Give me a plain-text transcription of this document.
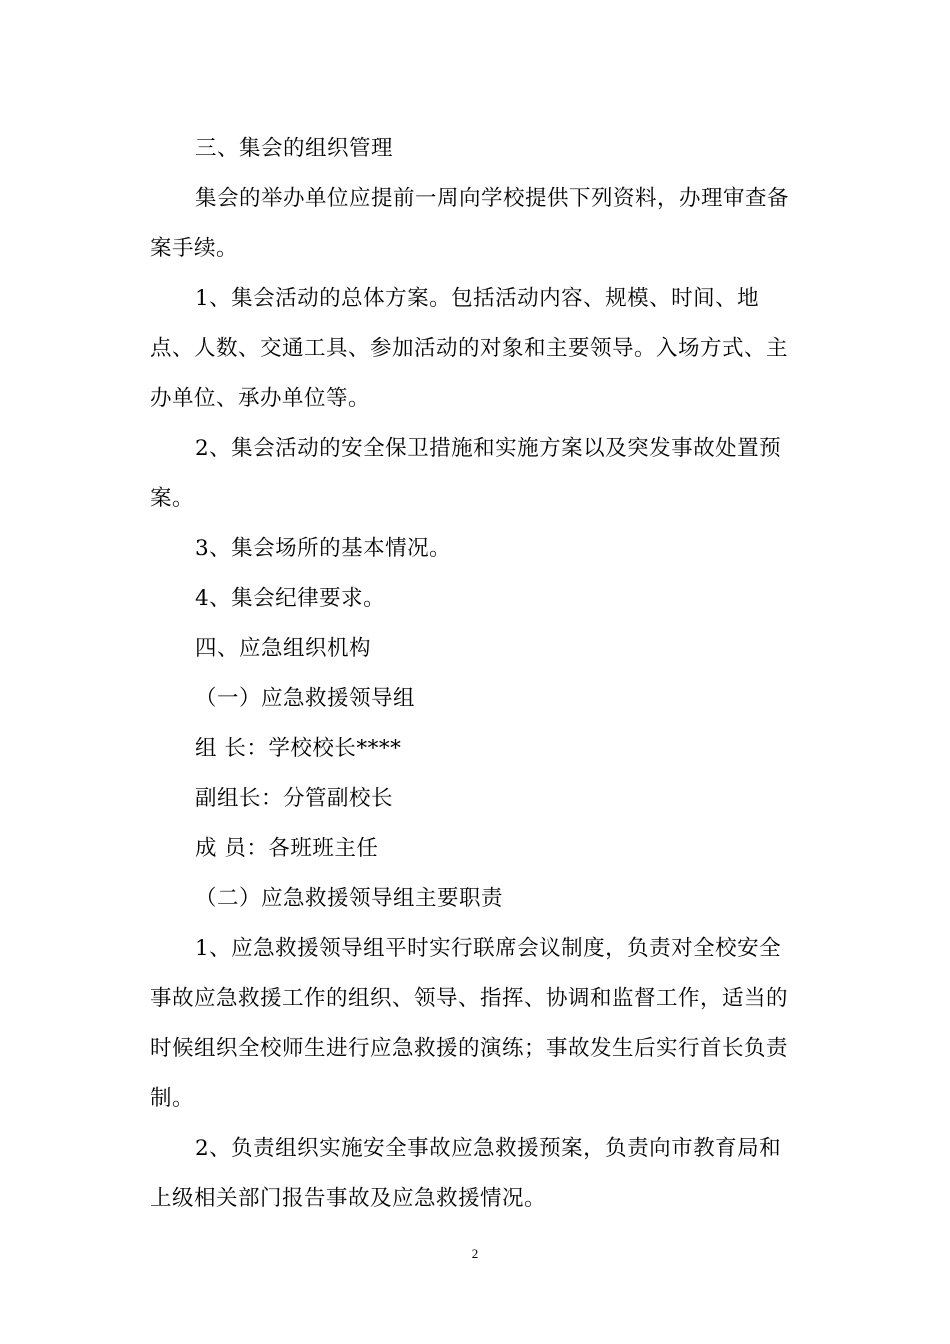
三、集会的组织管理
集会的举办单位应提前一周向学校提供下列资料，办理审查备
案手续。
1、集会活动的总体方案。包括活动内容、规模、时间、地
点、人数、交通工具、参加活动的对象和主要领导。入场方式、主
办单位、承办单位等。
2、集会活动的安全保卫措施和实施方案以及突发事故处置预
案。
3、集会场所的基本情况。
4、集会纪律要求。
四、应急组织机构
（一）应急救援领导组
组 长：学校校长****
副组长：分管副校长
成 员：各班班主任
（二）应急救援领导组主要职责
1、应急救援领导组平时实行联席会议制度，负责对全校安全
事故应急救援工作的组织、领导、指挥、协调和监督工作，适当的
时候组织全校师生进行应急救援的演练；事故发生后实行首长负责
制。
2、负责组织实施安全事故应急救援预案，负责向市教育局和
上级相关部门报告事故及应急救援情况。
2
